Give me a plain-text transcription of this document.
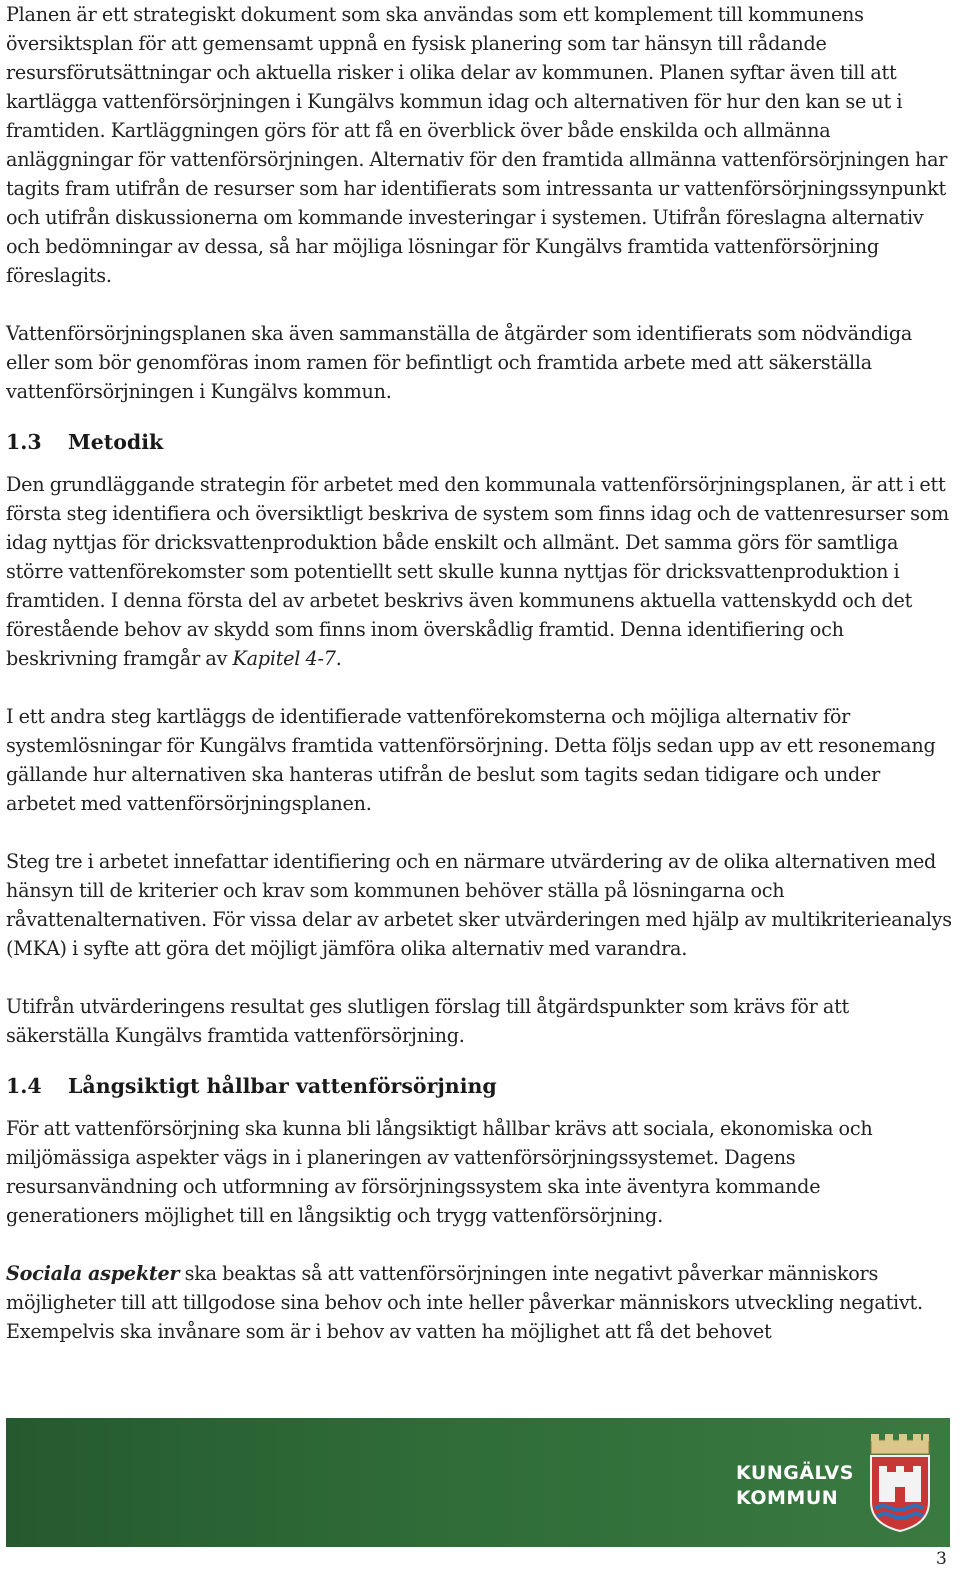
Planen är ett strategiskt dokument som ska användas som ett komplement till kommunens översiktsplan för att gemensamt uppnå en fysisk planering som tar hänsyn till rådande resursförutsättningar och aktuella risker i olika delar av kommunen. Planen syftar även till att kartlägga vattenförsörjningen i Kungälvs kommun idag och alternativen för hur den kan se ut i framtiden. Kartläggningen görs för att få en överblick över både enskilda och allmänna anläggningar för vattenförsörjningen. Alternativ för den framtida allmänna vattenförsörjningen har tagits fram utifrån de resurser som har identifierats som intressanta ur vattenförsörjningssynpunkt och utifrån diskussionerna om kommande investeringar i systemen. Utifrån föreslagna alternativ och bedömningar av dessa, så har möjliga lösningar för Kungälvs framtida vattenförsörjning föreslagits.

Vattenförsörjningsplanen ska även sammanställa de åtgärder som identifierats som nödvändiga eller som bör genomföras inom ramen för befintligt och framtida arbete med att säkerställa vattenförsörjningen i Kungälvs kommun.

1.3 Metodik

Den grundläggande strategin för arbetet med den kommunala vattenförsörjningsplanen, är att i ett första steg identifiera och översiktligt beskriva de system som finns idag och de vattenresurser som idag nyttjas för dricksvattenproduktion både enskilt och allmänt. Det samma görs för samtliga större vattenförekomster som potentiellt sett skulle kunna nyttjas för dricksvattenproduktion i framtiden. I denna första del av arbetet beskrivs även kommunens aktuella vattenskydd och det förestående behov av skydd som finns inom överskådlig framtid. Denna identifiering och beskrivning framgår av Kapitel 4-7.

I ett andra steg kartläggs de identifierade vattenförekomsterna och möjliga alternativ för systemlösningar för Kungälvs framtida vattenförsörjning. Detta följs sedan upp av ett resonemang gällande hur alternativen ska hanteras utifrån de beslut som tagits sedan tidigare och under arbetet med vattenförsörjningsplanen.

Steg tre i arbetet innefattar identifiering och en närmare utvärdering av de olika alternativen med hänsyn till de kriterier och krav som kommunen behöver ställa på lösningarna och råvattenalternativen. För vissa delar av arbetet sker utvärderingen med hjälp av multikriterieanalys (MKA) i syfte att göra det möjligt jämföra olika alternativ med varandra.

Utifrån utvärderingens resultat ges slutligen förslag till åtgärdspunkter som krävs för att säkerställa Kungälvs framtida vattenförsörjning.

1.4 Långsiktigt hållbar vattenförsörjning

För att vattenförsörjning ska kunna bli långsiktigt hållbar krävs att sociala, ekonomiska och miljömässiga aspekter vägs in i planeringen av vattenförsörjningssystemet. Dagens resursanvändning och utformning av försörjningssystem ska inte äventyra kommande generationers möjlighet till en långsiktig och trygg vattenförsörjning.

Sociala aspekter ska beaktas så att vattenförsörjningen inte negativt påverkar människors möjligheter till att tillgodose sina behov och inte heller påverkar människors utveckling negativt. Exempelvis ska invånare som är i behov av vatten ha möjlighet att få det behovet

KUNGÄLVS
KOMMUN
3
